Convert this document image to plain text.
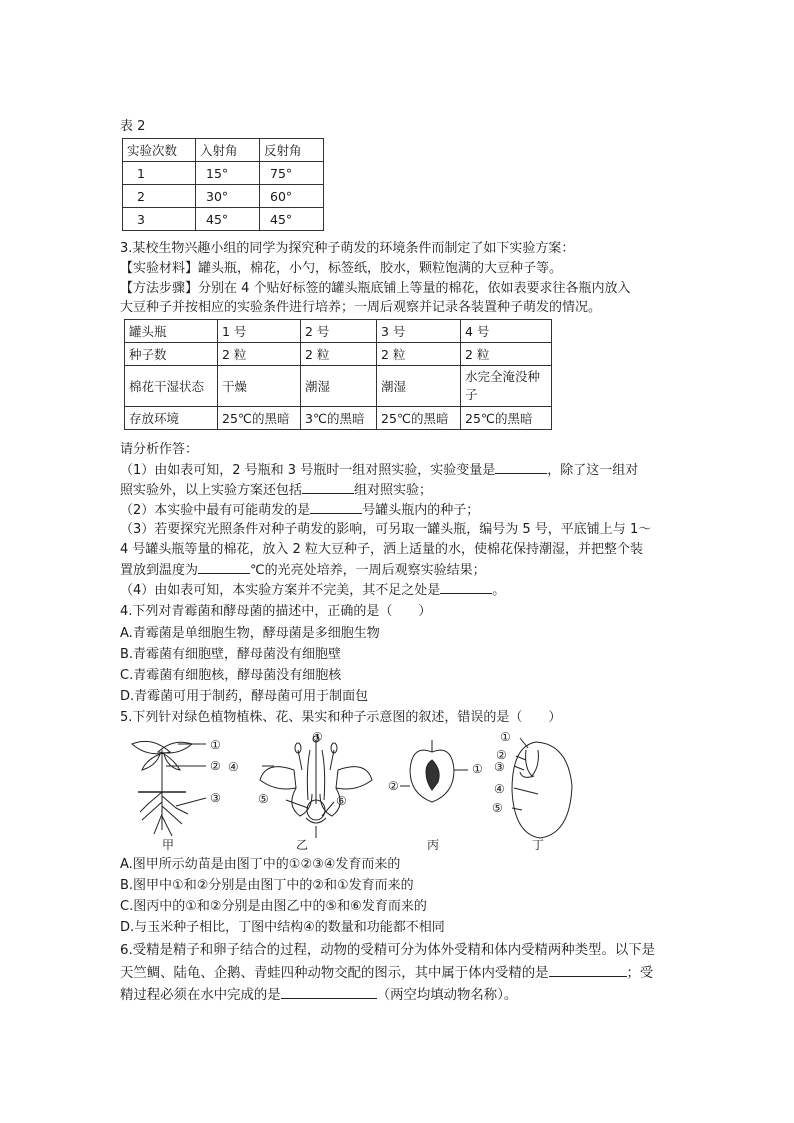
表 2
实验次数	入射角	反射角
1	15°	75°
2	30°	60°
3	45°	45°
3.某校生物兴趣小组的同学为探究种子萌发的环境条件而制定了如下实验方案：
【实验材料】罐头瓶，棉花，小勺，标签纸，胶水，颗粒饱满的大豆种子等。
【方法步骤】分别在 4 个贴好标签的罐头瓶底铺上等量的棉花，依如表要求往各瓶内放入
大豆种子并按相应的实验条件进行培养；一周后观察并记录各装置种子萌发的情况。
罐头瓶	1 号	2 号	3 号	4 号
种子数	2 粒	2 粒	2 粒	2 粒
棉花干湿状态	干燥	潮湿	潮湿	水完全淹没种子
存放环境	25℃的黑暗	3℃的黑暗	25℃的黑暗	25℃的黑暗
请分析作答：
（1）由如表可知，2 号瓶和 3 号瓶时一组对照实验，实验变量是	，除了这一组对
照实验外，以上实验方案还包括	组对照实验；
（2）本实验中最有可能萌发的是	号罐头瓶内的种子；
（3）若要探究光照条件对种子萌发的影响，可另取一罐头瓶，编号为 5 号，平底铺上与 1～
4 号罐头瓶等量的棉花，放入 2 粒大豆种子，洒上适量的水，使棉花保持潮湿，并把整个装
置放到温度为	℃的光亮处培养，一周后观察实验结果；
（4）由如表可知，本实验方案并不完美，其不足之处是	。
4.下列对青霉菌和酵母菌的描述中，正确的是（　　）
A.青霉菌是单细胞生物，酵母菌是多细胞生物
B.青霉菌有细胞壁，酵母菌没有细胞壁
C.青霉菌有细胞核，酵母菌没有细胞核
D.青霉菌可用于制药，酵母菌可用于制面包
5.下列针对绿色植物植株、花、果实和种子示意图的叙述，错误的是（　　）
①
②
③
①
④
⑤	⑥
①
②
①
②
③
④
⑤
甲	乙	丙	丁
A.图甲所示幼苗是由图丁中的①②③④发育而来的
B.图甲中①和②分别是由图丁中的②和①发育而来的
C.图丙中的①和②分别是由图乙中的⑤和⑥发育而来的
D.与玉米种子相比，丁图中结构④的数量和功能都不相同
6.受精是精子和卵子结合的过程，动物的受精可分为体外受精和体内受精两种类型。以下是
天竺鲷、陆龟、企鹅、青蛙四种动物交配的图示，其中属于体内受精的是	；受
精过程必须在水中完成的是	（两空均填动物名称）。
